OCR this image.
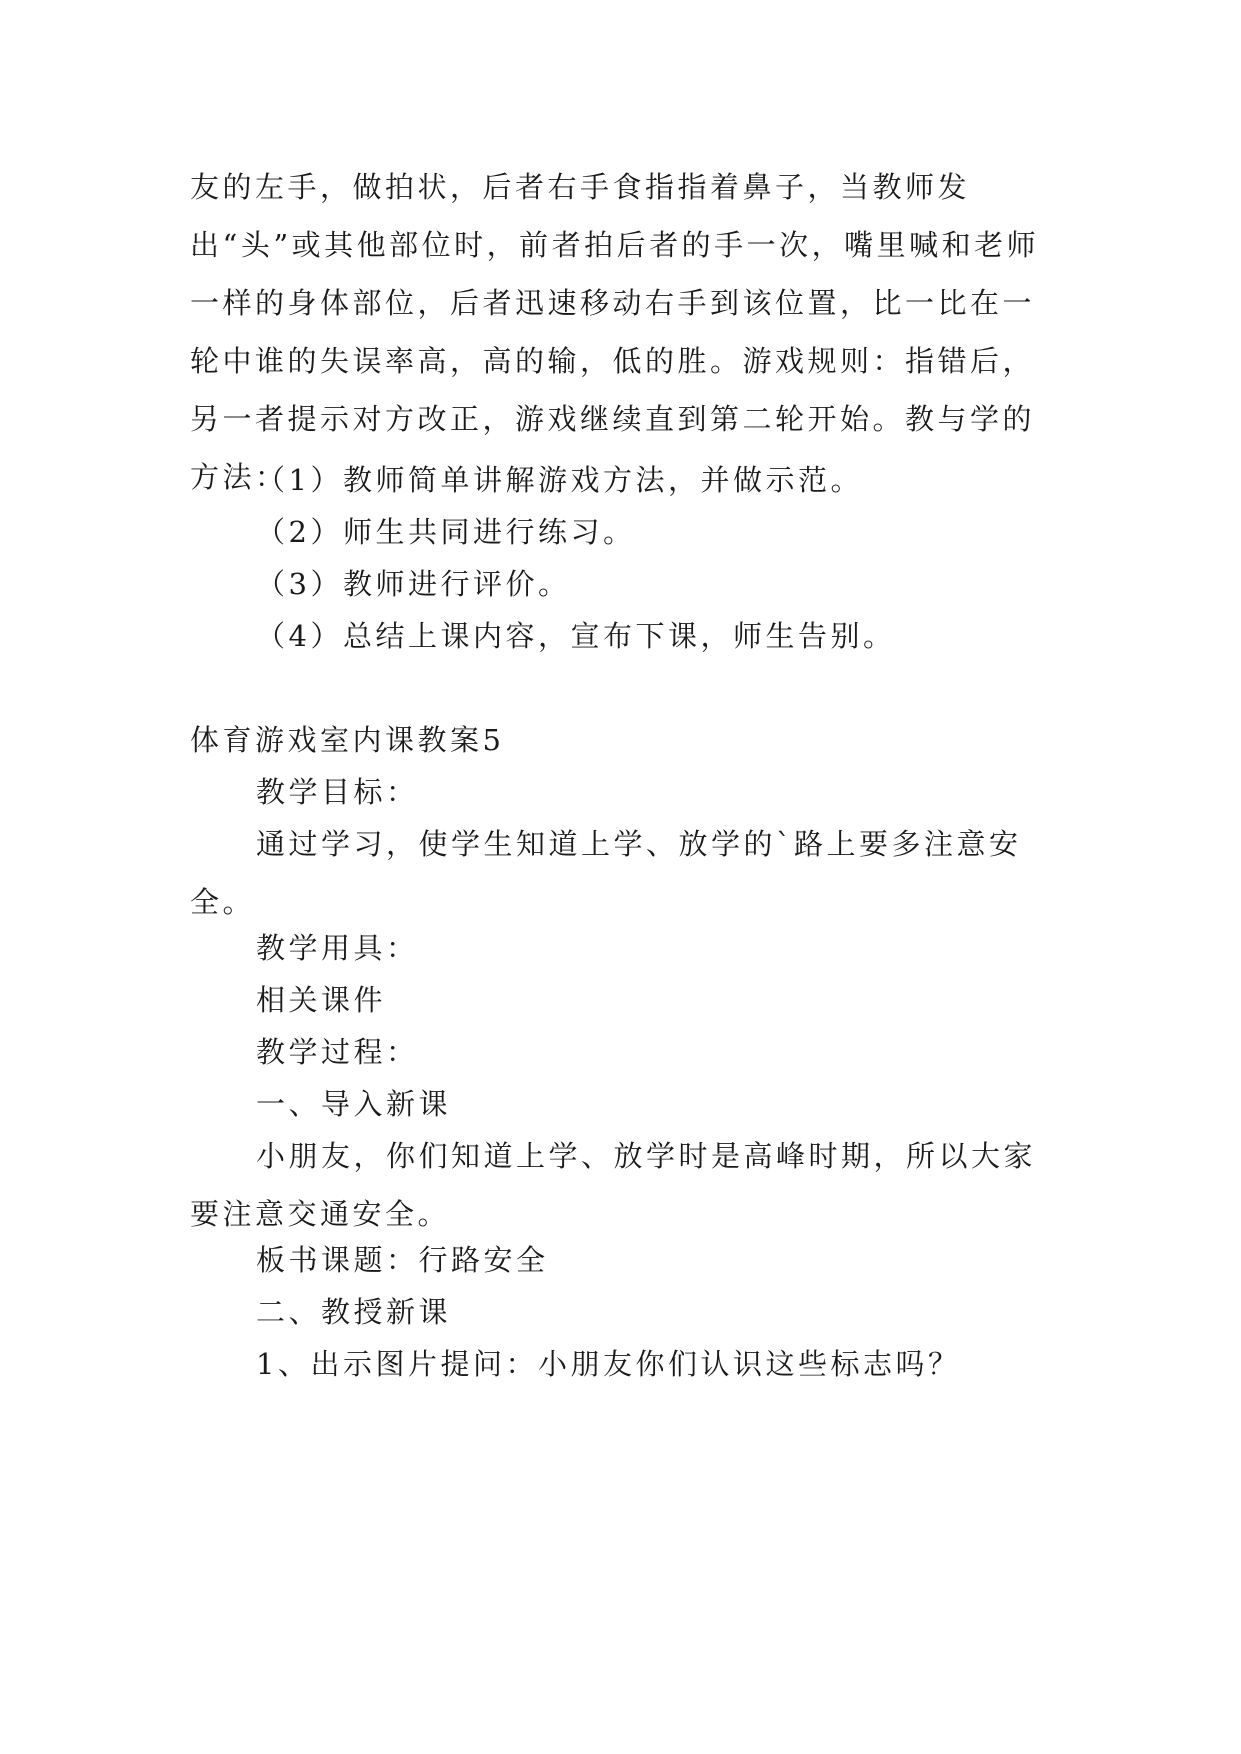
友的左手，做拍状，后者右手食指指着鼻子，当教师发出“头”或其他部位时，前者拍后者的手一次，嘴里喊和老师一样的身体部位，后者迅速移动右手到该位置，比一比在一轮中谁的失误率高，高的输，低的胜。游戏规则：指错后，另一者提示对方改正，游戏继续直到第二轮开始。教与学的方法：

（1）教师简单讲解游戏方法，并做示范。

（2）师生共同进行练习。

（3）教师进行评价。

（4）总结上课内容，宣布下课，师生告别。

体育游戏室内课教案5

教学目标：

通过学习，使学生知道上学、放学的`路上要多注意安全。

教学用具：

相关课件

教学过程：

一、导入新课

小朋友，你们知道上学、放学时是高峰时期，所以大家要注意交通安全。

板书课题：行路安全

二、教授新课

1、出示图片提问：小朋友你们认识这些标志吗？
